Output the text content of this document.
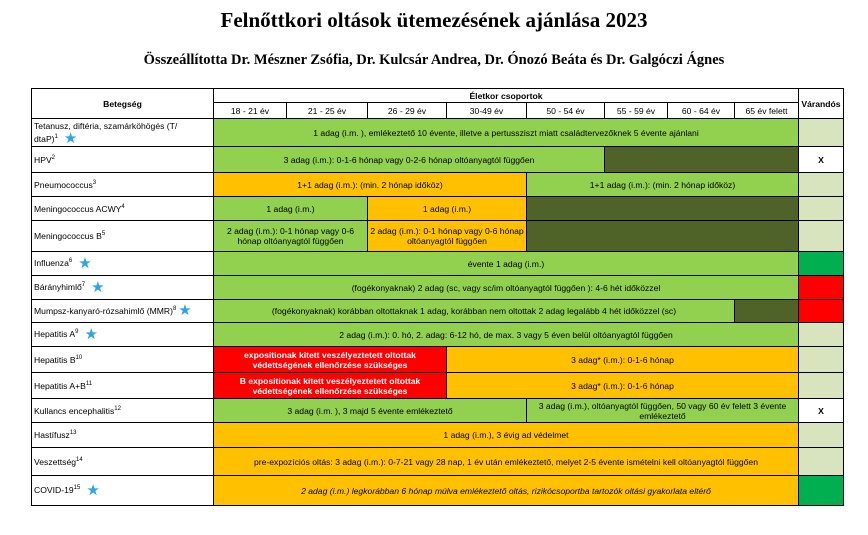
Felnőttkori oltások ütemezésének ajánlása 2023
Összeállította Dr. Mészner Zsófia, Dr. Kulcsár Andrea, Dr. Ónozó Beáta és Dr. Galgóczi Ágnes
Betegség	Életkor csoportok								Várandós
	18 - 21 év	21 - 25 év	26 - 29 év	30-49 év	50 - 54 év	55 - 59 év	60 - 64 év	65 év felett	
Tetanusz, diftéria, szamárköhögés (T/ dtaP)$^1$ ★	1 adag (i.m. ), emlékeztető 10 évente, illetve a pertussziszt miatt családtervezőknek 5 évente ajánlani								
HPV$^2$	3 adag (i.m.): 0-1-6 hónap vagy 0-2-6 hónap oltóanyagtól függően								X
Pneumococcus$^3$	1+1 adag (i.m.): (min. 2 hónap időköz)				1+1 adag (i.m.): (min. 2 hónap időköz)				
Meningococcus ACWY$^4$	1 adag (i.m.)		1 adag (i.m.)						
Meningococcus $B^5$	2 adag (i.m.): 0-1 hónap vagy 0-6 hónap oltóanyagtól függően		2 adag (i.m.): 0-1 hónap vagy 0-6 hónap oltóanyagtól függően						
Influenza$^6$ ★	évente 1 adag (i.m.)								
Bárányhimlő$^7$ ★	(fogékonyaknak) 2 adag (sc, vagy sc/im oltóanyagtól függően ): 4-6 hét időközzel								
Mumpsz-kanyaró-rózsahimlő (MMR)$^8$ ★	(fogékonyaknak) korábban oltottaknak 1 adag, korábban nem oltottak 2 adag legalább 4 hét időközzel (sc)								
Hepatitis $A^9$ ★	2 adag (i.m.): 0. hó, 2. adag: 6-12 hó, de max. 3 vagy 5 éven belül oltóanyagtól függően								
Hepatitis $B^{10}$	expositionak kitett veszélyeztetett oltottak védettségének ellenőrzése szükséges			3 adag* (i.m.): 0-1-6 hónap					
Hepatitis $A+B^{11}$	B expositionak kitett veszélyeztetett oltottak védettségének ellenőrzése szükséges			3 adag* (i.m.): 0-1-6 hónap					
Kullancs encephalitis$^{12}$	3 adag (i.m. ), 3 majd 5 évente emlékeztető				3 adag (i.m.), oltóanyagtól függően, 50 vagy 60 év felett 3 évente emlékeztető				X
Hastífusz$^{13}$	1 adag (i.m.), 3 évig ad védelmet								
Veszettség$^{14}$	pre-expozíciós oltás: 3 adag (i.m.): 0-7-21 vagy 28 nap, 1 év után emlékeztető, melyet 2-5 évente ismételni kell oltóanyagtól függően								
COVID-$19^{15}$ ★	2 adag (i.m.) legkorábban 6 hónap múlva emlékeztető oltás, rizikócsoportba tartozók oltási gyakorlata eltérő								
